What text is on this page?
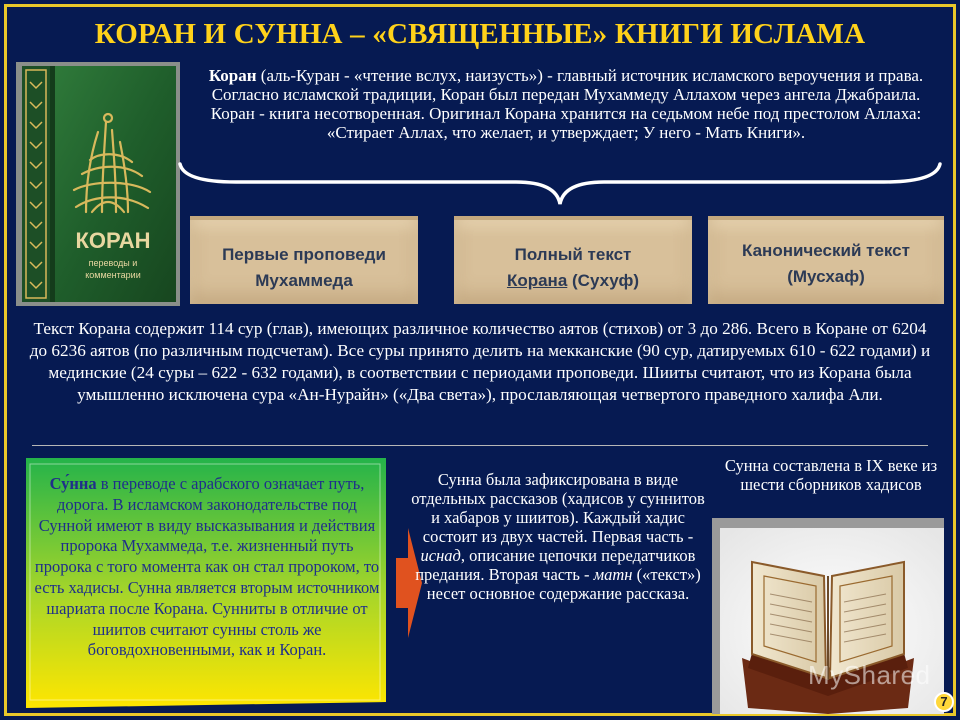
КОРАН И СУННА – «СВЯЩЕННЫЕ» КНИГИ ИСЛАМА
КОРАН
переводы и
комментарии
Коран (аль-Куран - «чтение вслух, наизусть») - главный источник исламского вероучения и права. Согласно исламской традиции, Коран был передан Мухаммеду Аллахом через ангела Джабраила. Коран - книга несотворенная. Оригинал Корана хранится на седьмом небе под престолом Аллаха: «Стирает Аллах, что желает, и утверждает; У него - Мать Книги».
Первые проповеди
Мухаммеда
Полный текст
Корана (Сухуф)
Канонический текст
(Мусхаф)
Текст Корана содержит 114 сур (глав), имеющих различное количество аятов (стихов) от 3 до 286. Всего в Коране от 6204 до 6236 аятов (по различным подсчетам). Все суры принято делить на мекканские (90 сур, датируемых 610 - 622 годами) и мединские (24 суры – 622 - 632 годами), в соответствии с периодами проповеди. Шииты считают, что из Корана была умышленно исключена сура «Ан-Нурайн» («Два света»), прославляющая четвертого праведного халифа Али.
Су́нна в переводе с арабского означает путь, дорога. В исламском законодательстве под Сунной имеют в виду высказывания и действия пророка Мухаммеда, т.е. жизненный путь пророка с того момента как он стал пророком, то есть хадисы. Сунна является вторым источником шариата после Корана. Сунниты в отличие от шиитов считают сунны столь же боговдохновенными, как и Коран.
Сунна была зафиксирована в виде отдельных рассказов (хадисов у суннитов и хабаров у шиитов). Каждый хадис состоит из двух частей. Первая часть - иснад, описание цепочки передатчиков предания. Вторая часть - матн («текст») несет основное содержание рассказа.
Сунна составлена в IX веке из шести сборников хадисов
MyShared
7
